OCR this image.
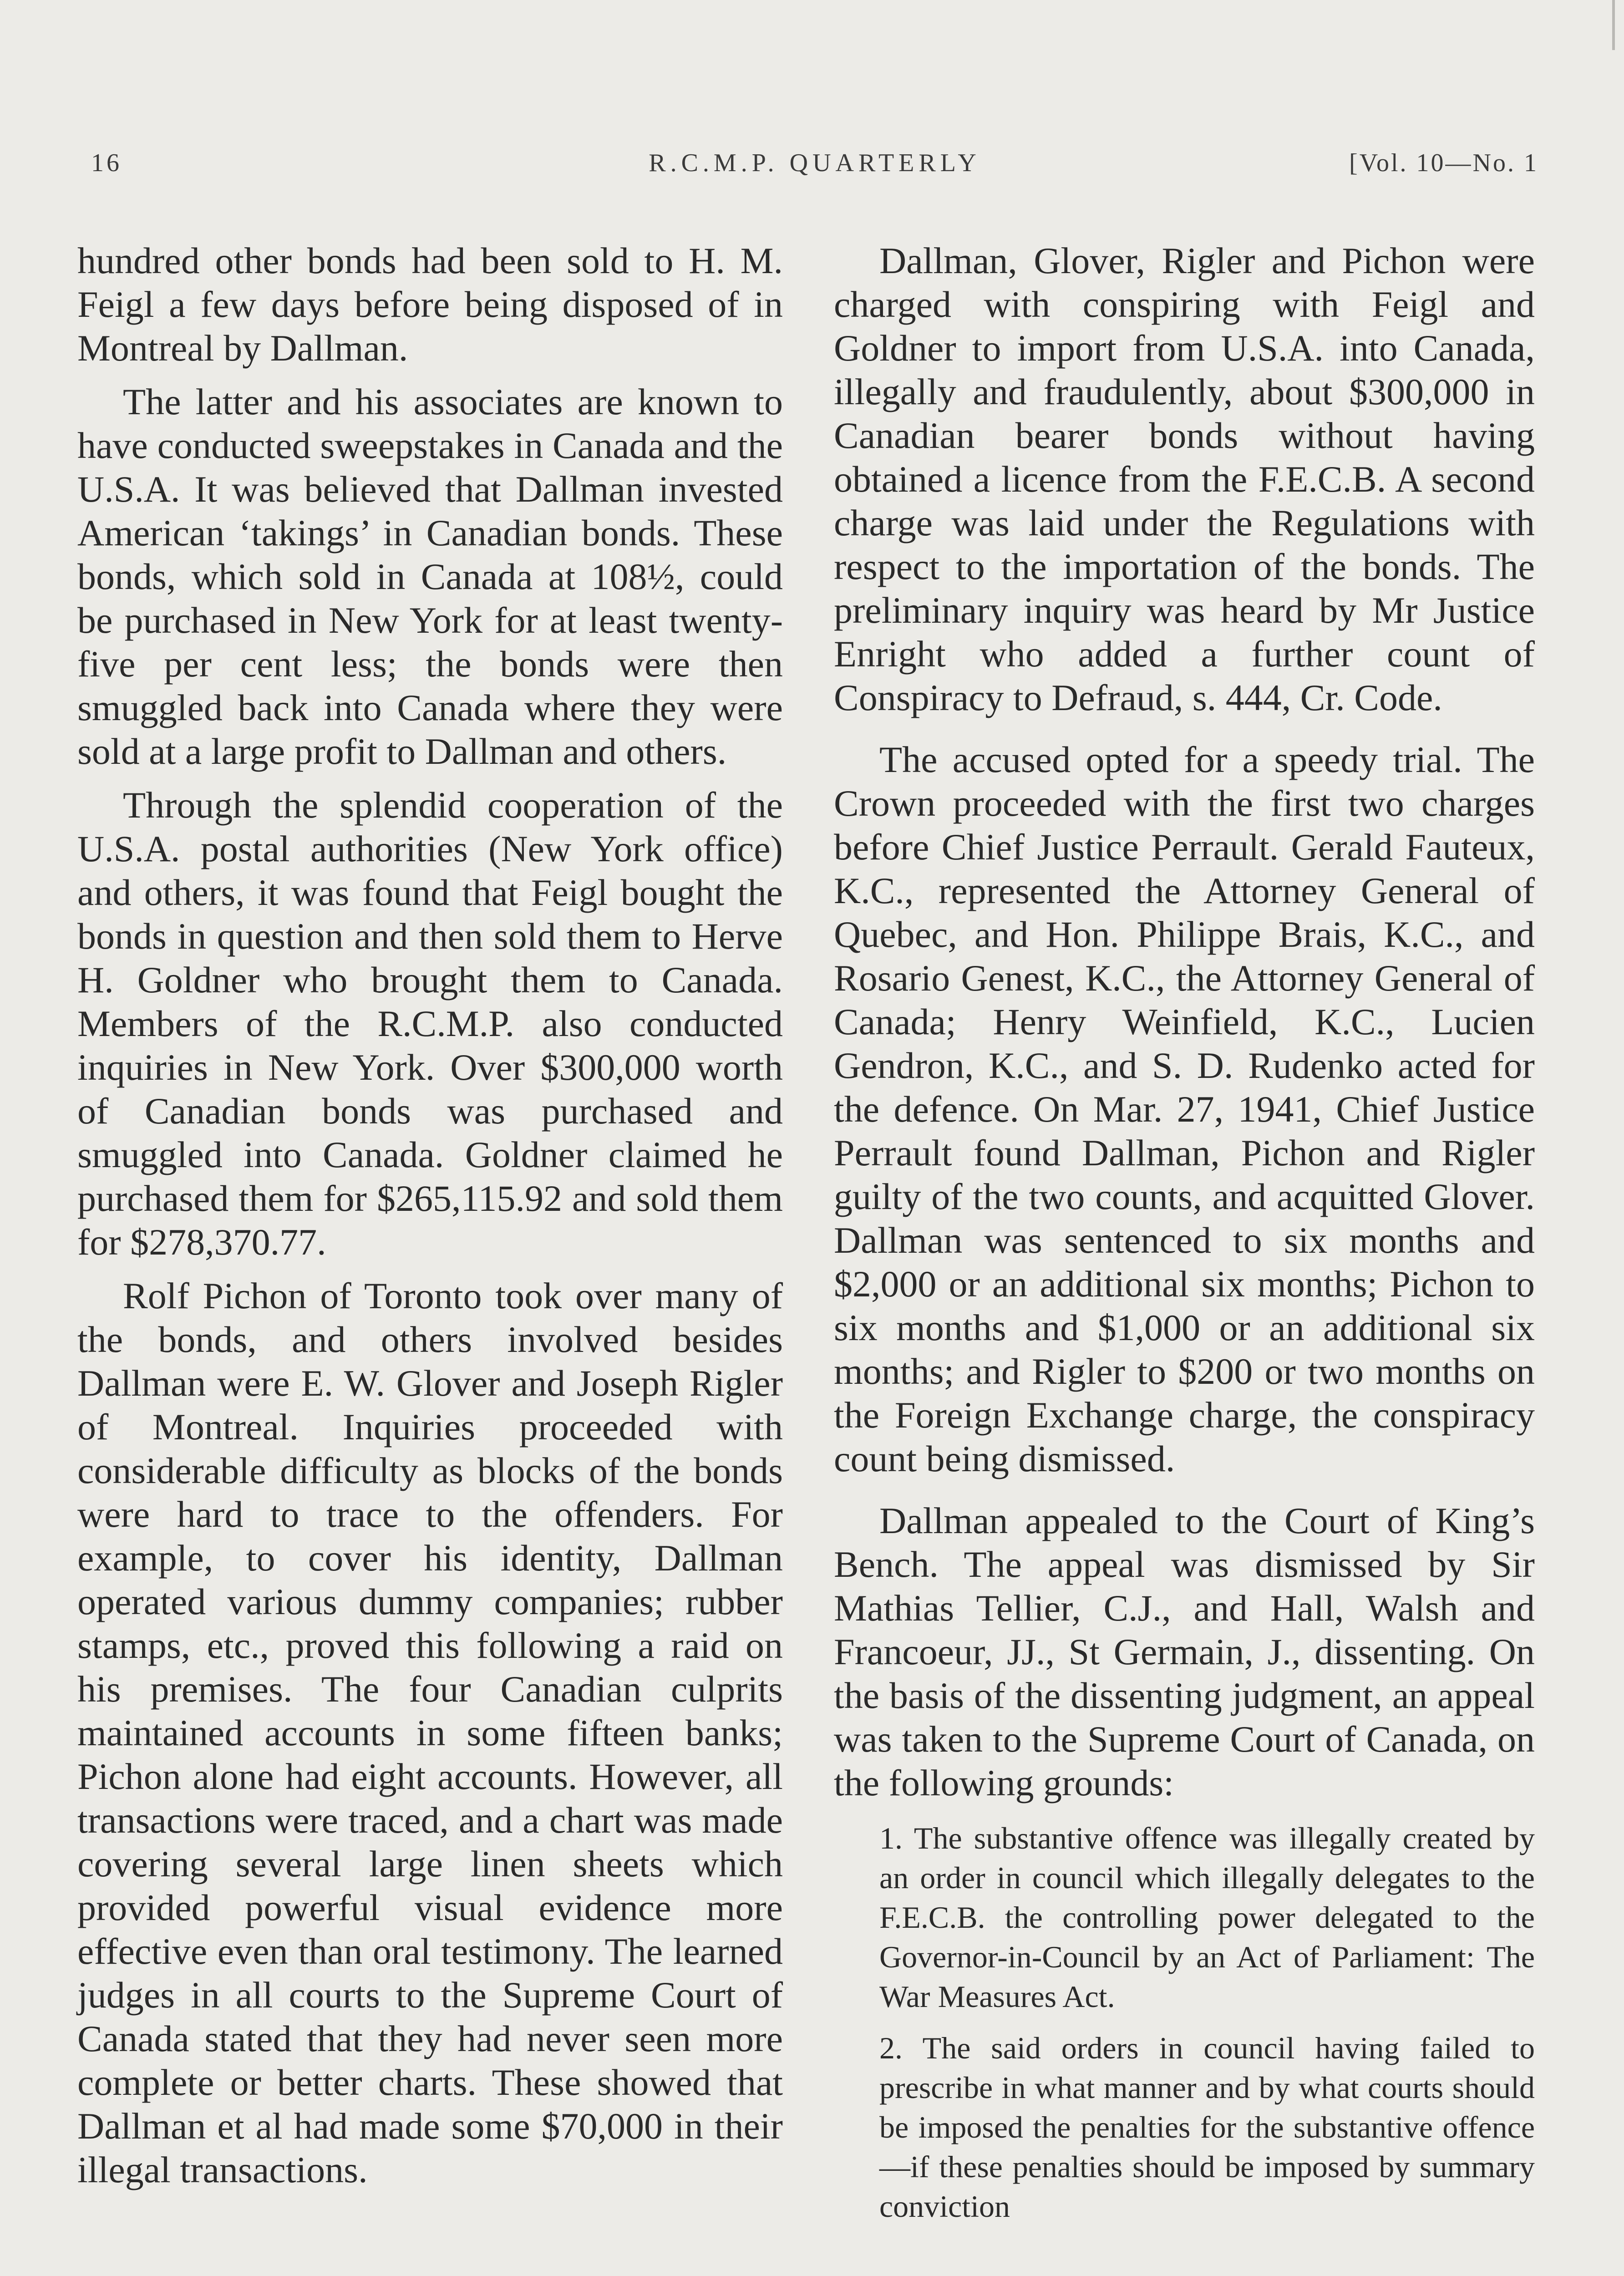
16	R.C.M.P. QUARTERLY	[Vol. 10—No. 1

hundred other bonds had been sold to H. M. Feigl a few days before being disposed of in Montreal by Dallman.

The latter and his associates are known to have conducted sweepstakes in Canada and the U.S.A. It was believed that Dallman invested American ‘takings’ in Canadian bonds. These bonds, which sold in Canada at 108½, could be purchased in New York for at least twenty-five per cent less; the bonds were then smuggled back into Canada where they were sold at a large profit to Dallman and others.

Through the splendid cooperation of the U.S.A. postal authorities (New York office) and others, it was found that Feigl bought the bonds in question and then sold them to Herve H. Goldner who brought them to Canada. Members of the R.C.M.P. also conducted inquiries in New York. Over $300,000 worth of Canadian bonds was purchased and smuggled into Canada. Goldner claimed he purchased them for $265,115.92 and sold them for $278,370.77.

Rolf Pichon of Toronto took over many of the bonds, and others involved besides Dallman were E. W. Glover and Joseph Rigler of Montreal. Inquiries proceeded with considerable difficulty as blocks of the bonds were hard to trace to the offenders. For example, to cover his identity, Dallman operated various dummy companies; rubber stamps, etc., proved this following a raid on his premises. The four Canadian culprits maintained accounts in some fifteen banks; Pichon alone had eight accounts. However, all transactions were traced, and a chart was made covering several large linen sheets which provided powerful visual evidence more effective even than oral testimony. The learned judges in all courts to the Supreme Court of Canada stated that they had never seen more complete or better charts. These showed that Dallman et al had made some $70,000 in their illegal transactions.

Dallman, Glover, Rigler and Pichon were charged with conspiring with Feigl and Goldner to import from U.S.A. into Canada, illegally and fraudulently, about $300,000 in Canadian bearer bonds without having obtained a licence from the F.E.C.B. A second charge was laid under the Regulations with respect to the importation of the bonds. The preliminary inquiry was heard by Mr Justice Enright who added a further count of Conspiracy to Defraud, s. 444, Cr. Code.

The accused opted for a speedy trial. The Crown proceeded with the first two charges before Chief Justice Perrault. Gerald Fauteux, K.C., represented the Attorney General of Quebec, and Hon. Philippe Brais, K.C., and Rosario Genest, K.C., the Attorney General of Canada; Henry Weinfield, K.C., Lucien Gendron, K.C., and S. D. Rudenko acted for the defence. On Mar. 27, 1941, Chief Justice Perrault found Dallman, Pichon and Rigler guilty of the two counts, and acquitted Glover. Dallman was sentenced to six months and $2,000 or an additional six months; Pichon to six months and $1,000 or an additional six months; and Rigler to $200 or two months on the Foreign Exchange charge, the conspiracy count being dismissed.

Dallman appealed to the Court of King’s Bench. The appeal was dismissed by Sir Mathias Tellier, C.J., and Hall, Walsh and Francoeur, JJ., St Germain, J., dissenting. On the basis of the dissenting judgment, an appeal was taken to the Supreme Court of Canada, on the following grounds:

1. The substantive offence was illegally created by an order in council which illegally delegates to the F.E.C.B. the controlling power delegated to the Governor-in-Council by an Act of Parliament: The War Measures Act.
2. The said orders in council having failed to prescribe in what manner and by what courts should be imposed the penalties for the substantive offence—if these penalties should be imposed by summary conviction
